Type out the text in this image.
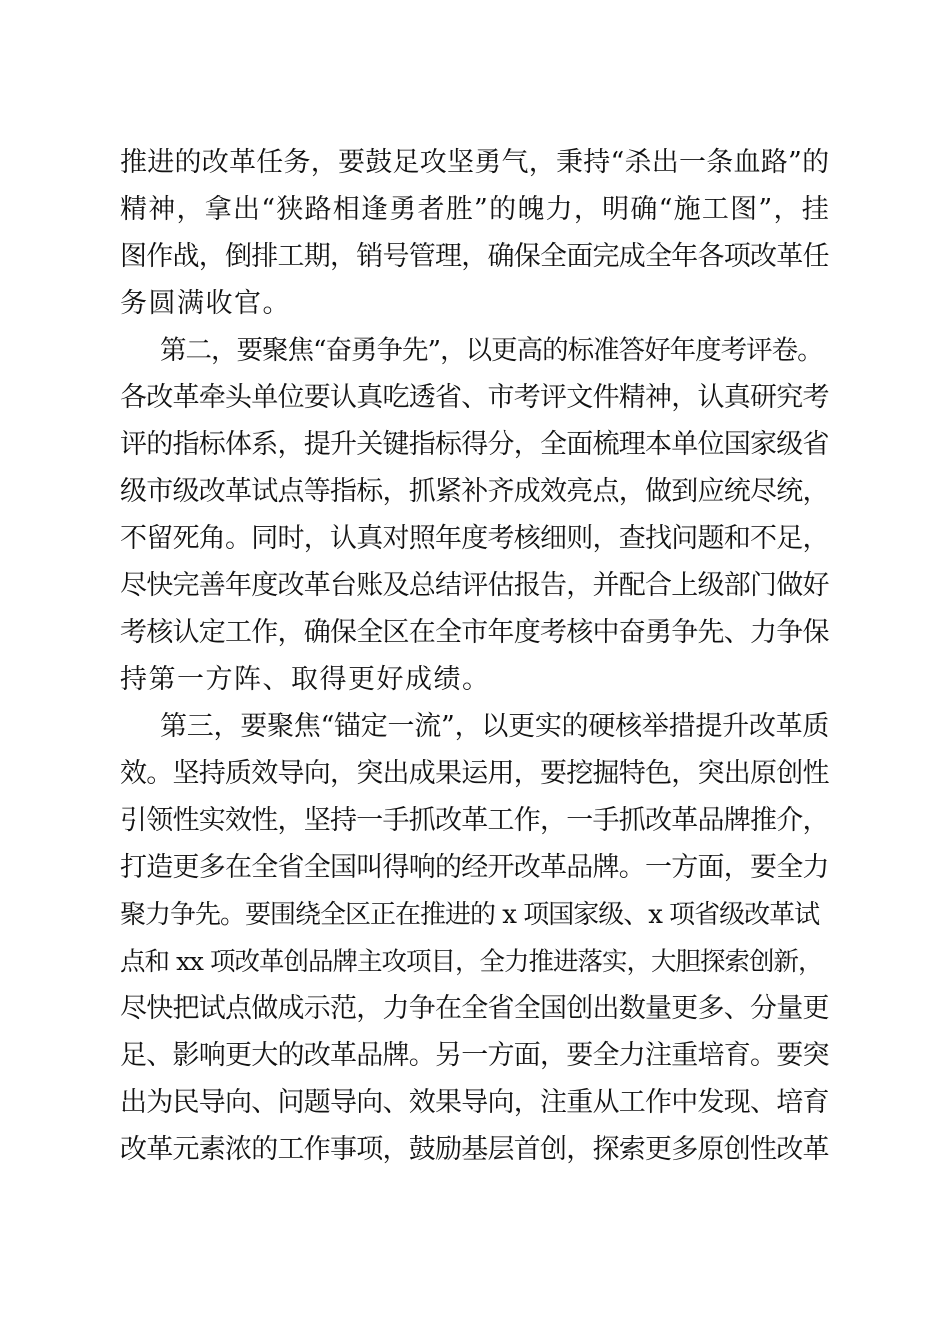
推进的改革任务，要鼓足攻坚勇气，秉持“杀出一条血路”的
精神，拿出“狭路相逢勇者胜”的魄力，明确“施工图”，挂
图作战，倒排工期，销号管理，确保全面完成全年各项改革任
务圆满收官。
第二，要聚焦“奋勇争先”，以更高的标准答好年度考评卷。
各改革牵头单位要认真吃透省、市考评文件精神，认真研究考
评的指标体系，提升关键指标得分，全面梳理本单位国家级省
级市级改革试点等指标，抓紧补齐成效亮点，做到应统尽统，
不留死角。同时，认真对照年度考核细则，查找问题和不足，
尽快完善年度改革台账及总结评估报告，并配合上级部门做好
考核认定工作，确保全区在全市年度考核中奋勇争先、力争保
持第一方阵、取得更好成绩。
第三，要聚焦“锚定一流”，以更实的硬核举措提升改革质
效。坚持质效导向，突出成果运用，要挖掘特色，突出原创性
引领性实效性，坚持一手抓改革工作，一手抓改革品牌推介，
打造更多在全省全国叫得响的经开改革品牌。一方面，要全力
聚力争先。要围绕全区正在推进的 x 项国家级、x 项省级改革试
点和 xx 项改革创品牌主攻项目，全力推进落实，大胆探索创新，
尽快把试点做成示范，力争在全省全国创出数量更多、分量更
足、影响更大的改革品牌。另一方面，要全力注重培育。要突
出为民导向、问题导向、效果导向，注重从工作中发现、培育
改革元素浓的工作事项，鼓励基层首创，探索更多原创性改革
